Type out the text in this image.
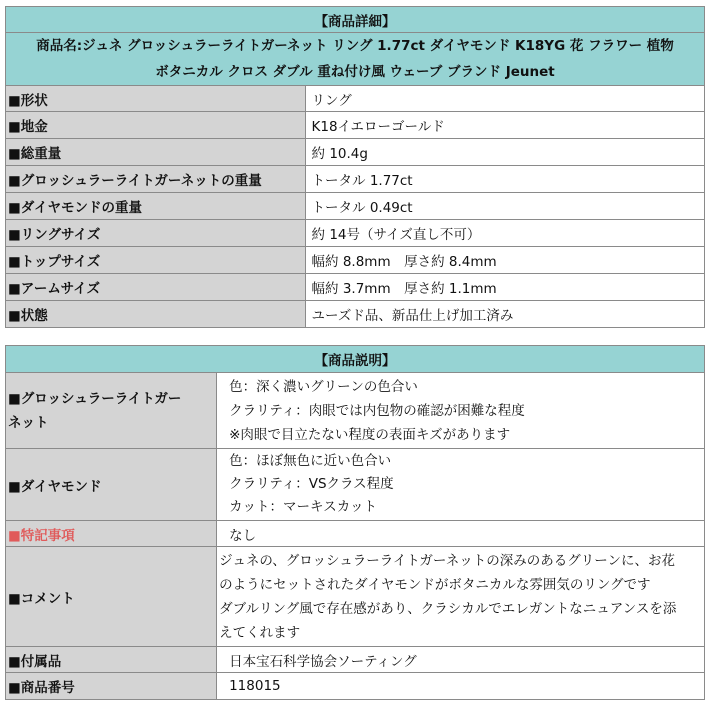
【商品詳細】	

商品名:ジュネ グロッシュラーライトガーネット リング 1.77ct ダイヤモンド K18YG 花 フラワー 植物
ボタニカル クロス ダブル 重ね付け風 ウェーブ ブランド Jeunet	

■形状	リング
■地金	K18イエローゴールド
■総重量	約 10.4g
■グロッシュラーライトガーネットの重量	トータル 1.77ct
■ダイヤモンドの重量	トータル 0.49ct
■リングサイズ	約 14号（サイズ直し不可）
■トップサイズ	幅約 8.8mm　厚さ約 8.4mm
■アームサイズ	幅約 3.7mm　厚さ約 1.1mm
■状態	ユーズド品、新品仕上げ加工済み
【商品説明】	

■グロッシュラーライトガー
ネット	色：深く濃いグリーンの色合い
クラリティ：肉眼では内包物の確認が困難な程度
※肉眼で目立たない程度の表面キズがあります

■ダイヤモンド	色：ほぼ無色に近い色合い
クラリティ：VSクラス程度
カット：マーキスカット

■特記事項	なし
■コメント	ジュネの、グロッシュラーライトガーネットの深みのあるグリーンに、お花
のようにセットされたダイヤモンドがボタニカルな雰囲気のリングです
ダブルリング風で存在感があり、クラシカルでエレガントなニュアンスを添
えてくれます

■付属品	日本宝石科学協会ソーティング
■商品番号	118015
